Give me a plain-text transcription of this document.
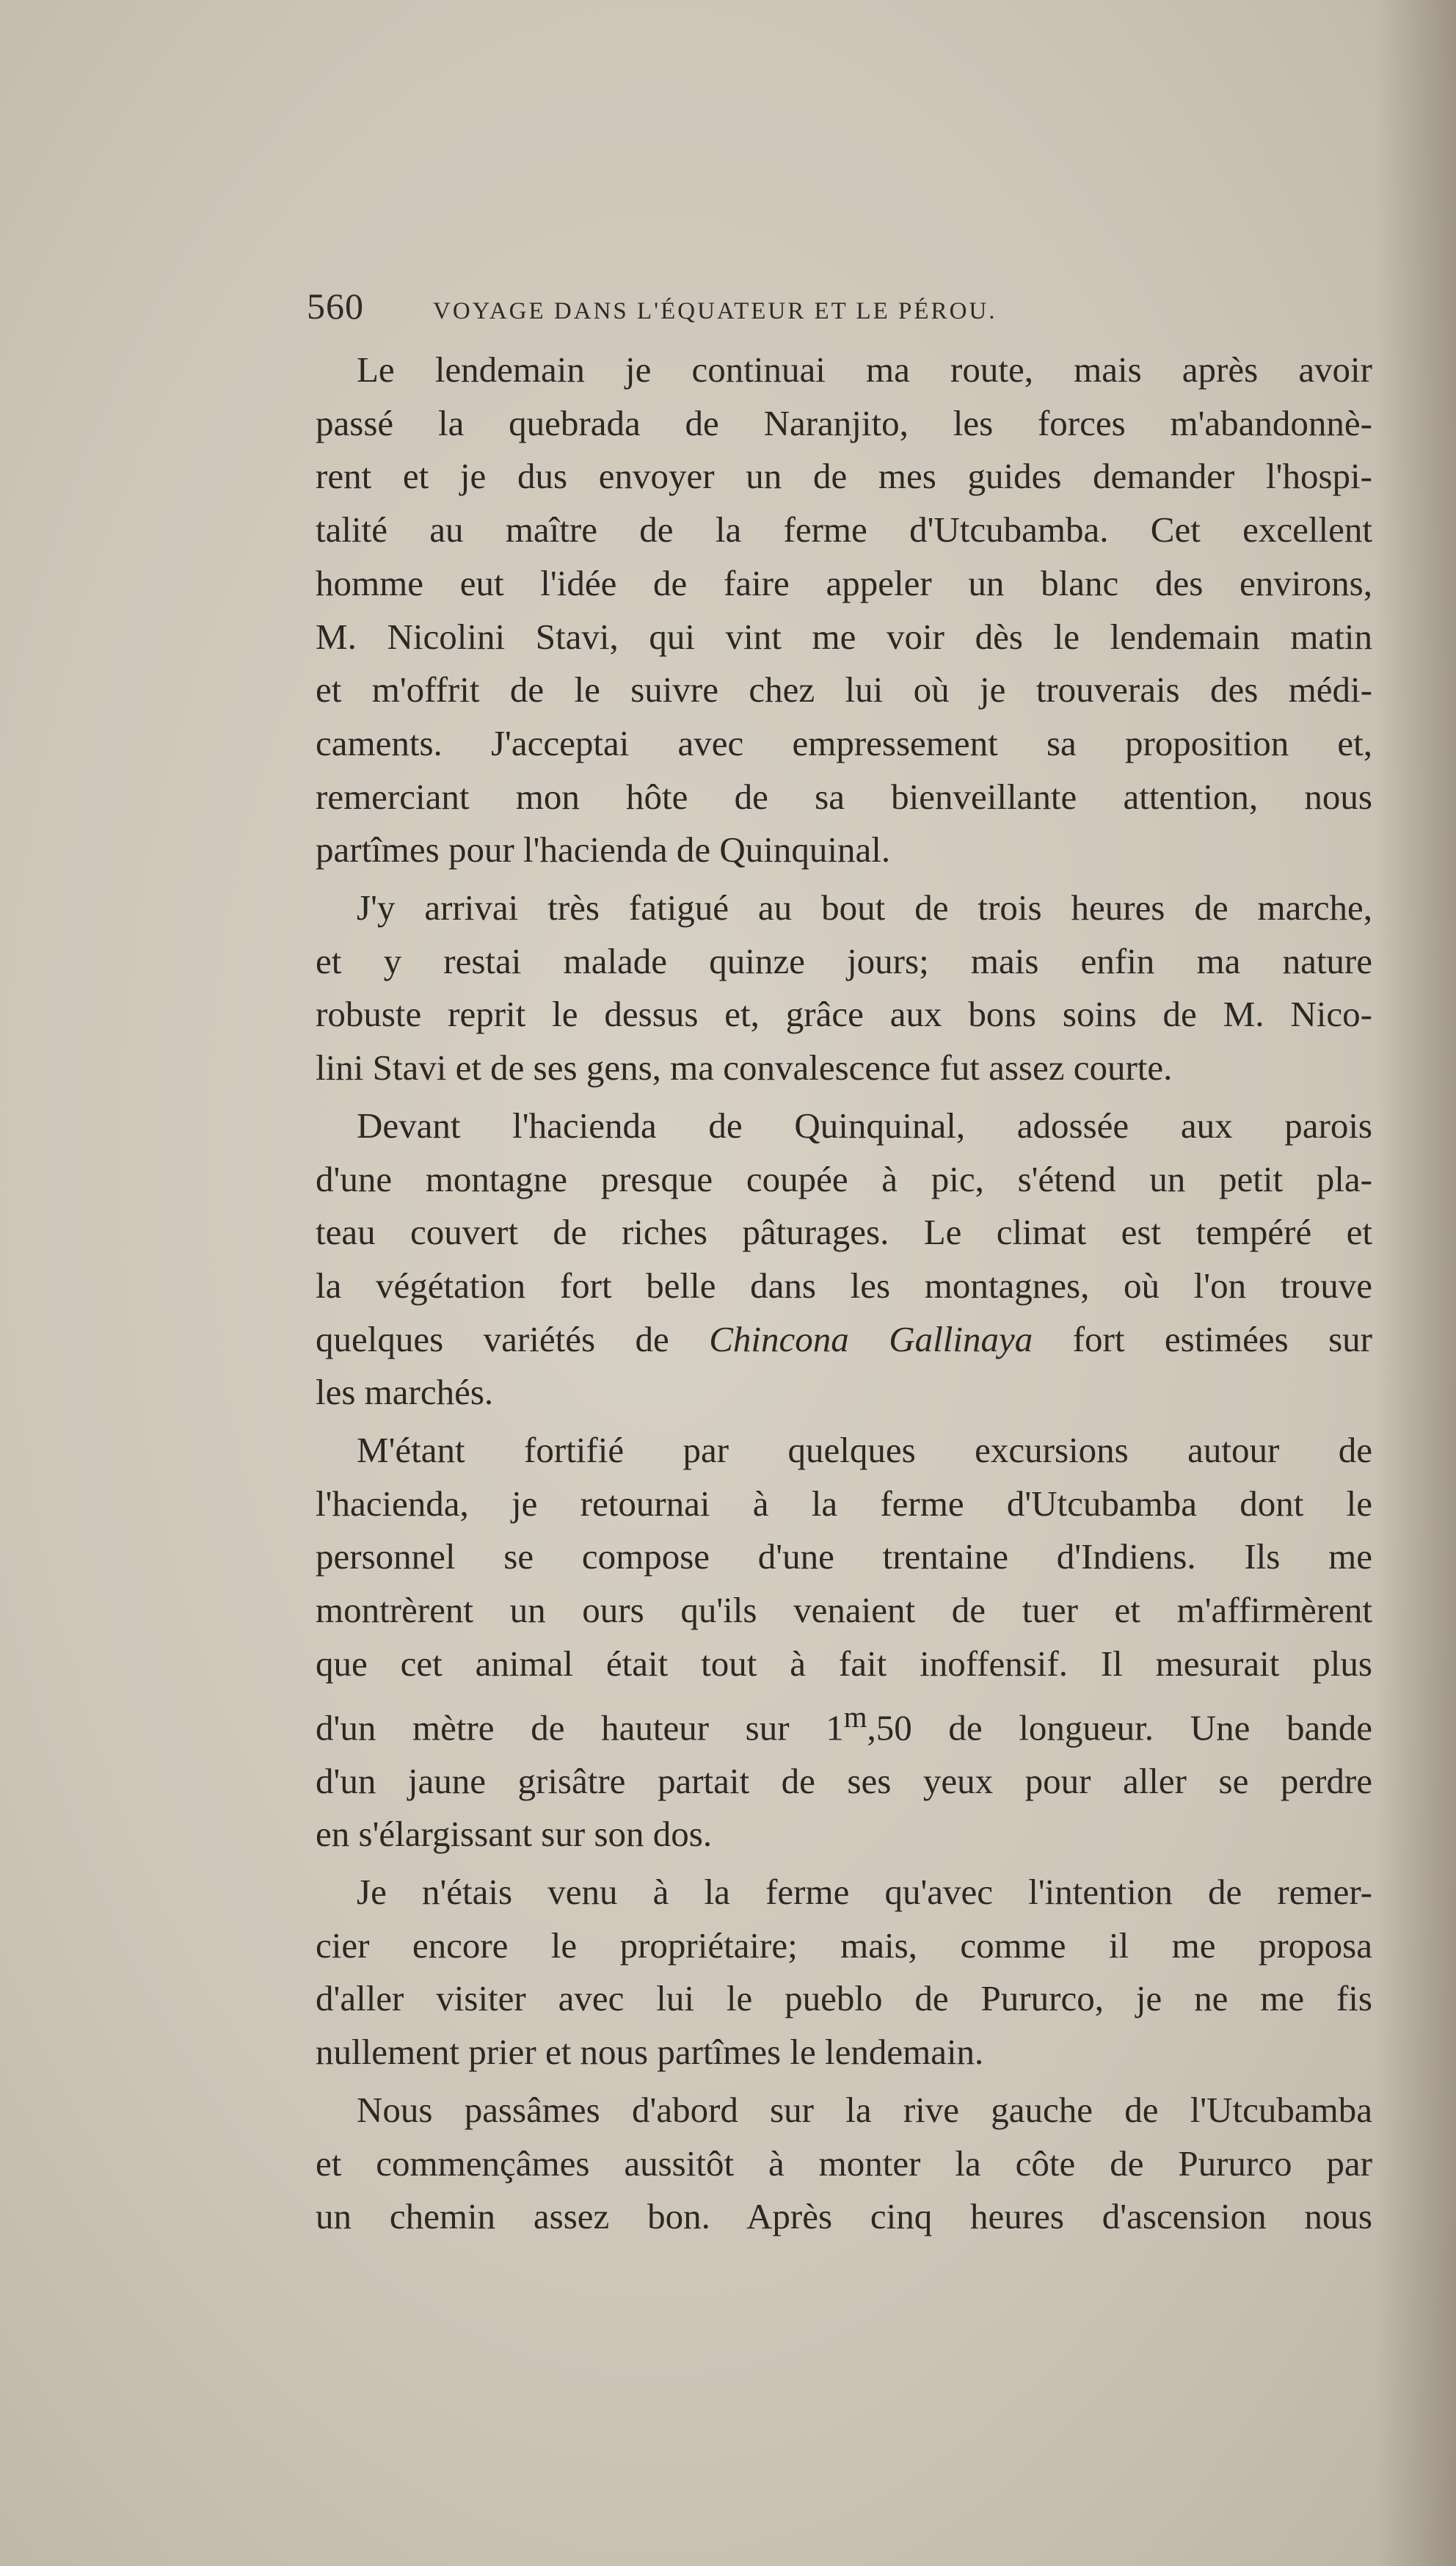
560	VOYAGE DANS L'ÉQUATEUR ET LE PÉROU.

Le lendemain je continuai ma route, mais après avoir
passé la quebrada de Naranjito, les forces m'abandonnè-
rent et je dus envoyer un de mes guides demander l'hospi-
talité au maître de la ferme d'Utcubamba. Cet excellent
homme eut l'idée de faire appeler un blanc des environs,
M. Nicolini Stavi, qui vint me voir dès le lendemain matin
et m'offrit de le suivre chez lui où je trouverais des médi-
caments. J'acceptai avec empressement sa proposition et,
remerciant mon hôte de sa bienveillante attention, nous
partîmes pour l'hacienda de Quinquinal.

J'y arrivai très fatigué au bout de trois heures de marche,
et y restai malade quinze jours; mais enfin ma nature
robuste reprit le dessus et, grâce aux bons soins de M. Nico-
lini Stavi et de ses gens, ma convalescence fut assez courte.

Devant l'hacienda de Quinquinal, adossée aux parois
d'une montagne presque coupée à pic, s'étend un petit pla-
teau couvert de riches pâturages. Le climat est tempéré et
la végétation fort belle dans les montagnes, où l'on trouve
quelques variétés de Chincona Gallinaya fort estimées sur
les marchés.

M'étant fortifié par quelques excursions autour de
l'hacienda, je retournai à la ferme d'Utcubamba dont le
personnel se compose d'une trentaine d'Indiens. Ils me
montrèrent un ours qu'ils venaient de tuer et m'affirmèrent
que cet animal était tout à fait inoffensif. Il mesurait plus
d'un mètre de hauteur sur 1$^m$,50 de longueur. Une bande
d'un jaune grisâtre partait de ses yeux pour aller se perdre
en s'élargissant sur son dos.

Je n'étais venu à la ferme qu'avec l'intention de remer-
cier encore le propriétaire; mais, comme il me proposa
d'aller visiter avec lui le pueblo de Pururco, je ne me fis
nullement prier et nous partîmes le lendemain.

Nous passâmes d'abord sur la rive gauche de l'Utcubamba
et commençâmes aussitôt à monter la côte de Pururco par
un chemin assez bon. Après cinq heures d'ascension nous
